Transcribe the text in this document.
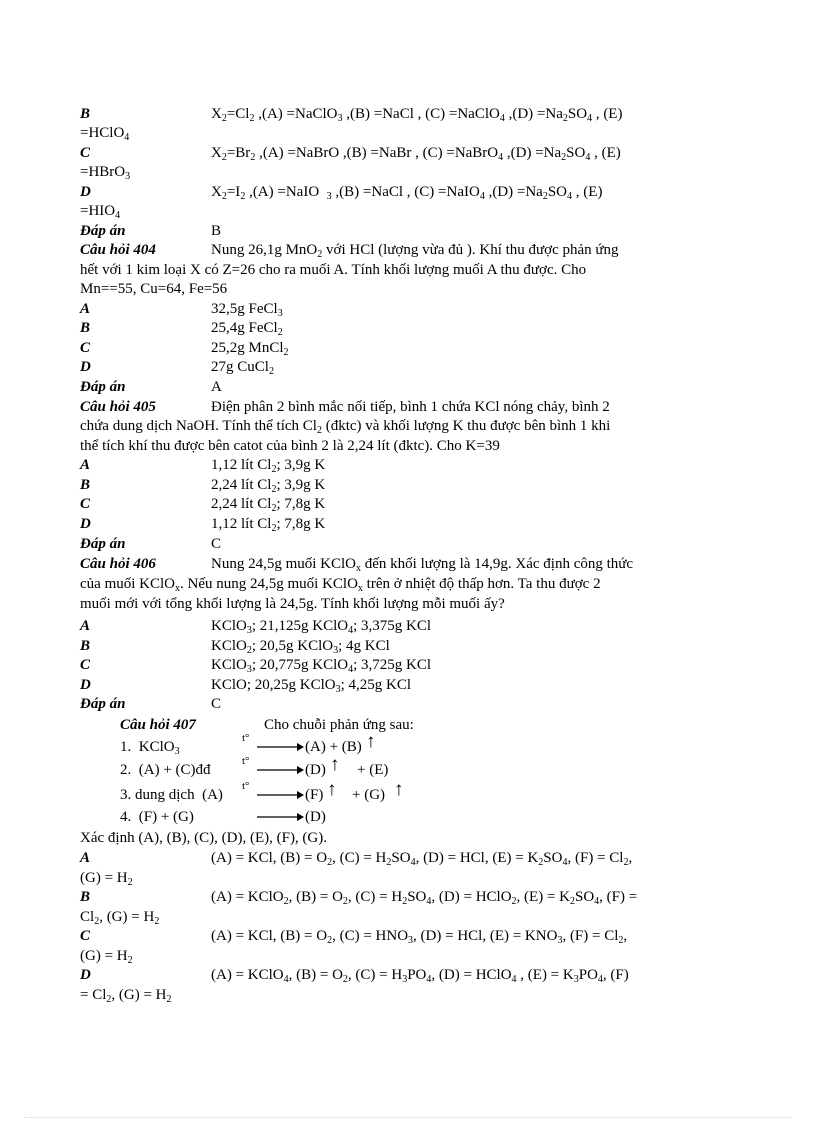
B	$X_2=Cl_2$ ,(A) =NaClO$_3$ ,(B) =NaCl , (C) =NaClO$_4$ $,(D) =Na_2SO_4$ , (E)
=HClO$_4$
C	$X_2=Br_2$ ,(A) =NaBrO ,(B) =NaBr , (C) =NaBrO$_4$ $,(D) =Na_2SO_4$ , (E)
=HBrO$_3$
D	$X_2=I_2$ ,(A) =NaIO  $_3$ ,(B) =NaCl , (C) =NaIO$_4$ $,(D) =Na_2SO_4$ , (E)
$=HIO_4$
Đáp án	B
Câu hỏi 404	Nung 26,1g MnO$_2$ với HCl (lượng vừa đủ ). Khí thu được phản ứng
hết với 1 kim loại X có Z=26 cho ra muối A. Tính khối lượng muối A thu được. Cho
Mn==55, Cu=64, Fe=56
A	32,5g FeCl$_3$
B	25,4g FeCl$_2$
C	25,2g MnCl$_2$
D	27g CuCl$_2$
Đáp án	A
Câu hỏi 405	Điện phân 2 bình mắc nối tiếp, bình 1 chứa KCl nóng chảy, bình 2
chứa dung dịch NaOH. Tính thể tích $Cl_2$ (đktc) và khối lượng K thu được bên bình 1 khi
thể tích khí thu được bên catot của bình 2 là 2,24 lít (đktc). Cho K=39
A	1,12 lít $Cl_2$; 3,9g K
B	2,24 lít $Cl_2$; 3,9g K
C	2,24 lít $Cl_2$; 7,8g K
D	1,12 lít $Cl_2$; 7,8g K
Đáp án	C
Câu hỏi 406	Nung 24,5g muối KClO$_x$ đến khối lượng là 14,9g. Xác định công thức
của muối KClO$_x$. Nếu nung 24,5g muối KClO$_x$ trên ở nhiệt độ thấp hơn. Ta thu được 2
muối mới với tổng khối lượng là 24,5g. Tính khối lượng mỗi muối ấy?
A	KClO$_3$; 21,125g KClO$_4$; 3,375g KCl
B	KClO$_2$; 20,5g KClO$_3$; 4g KCl
C	KClO$_3$; 20,775g KClO$_4$; 3,725g KCl
D	KClO; 20,25g KClO$_3$; 4,25g KCl
Đáp án	C
Câu hỏi 407	Cho chuỗi phản ứng sau:
1.  KClO$_3$
t°
→ (A) + (B) ↑
2.  (A) + (C)đđ
t°
→ (D) ↑ + (E)
3. dung dịch  (A)
t°
→ (F) ↑ + (G) ↑
4.  (F) + (G)	→ (D)
Xác định (A), (B), (C), (D), (E), (F), (G).
A	(A) = KCl, $(B) = O_2$, $(C) = H_2SO_4$, (D) = HCl, $(E) = K_2SO_4$, $(F) = Cl_2$,
$(G) = H_2$
B	(A) = KClO$_2$, $(B) = O_2$, $(C) = H_2SO_4$, (D) = HClO$_2$, $(E) = K_2SO_4$, (F) =
$Cl_2$, $(G) = H_2$
C	(A) = KCl, $(B) = O_2$, $(C) = HNO_3$, (D) = HCl, $(E) = KNO_3$, $(F) = Cl_2$,
$(G) = H_2$
D	(A) = KClO$_4$, $(B) = O_2$, $(C) = H_3PO_4$, (D) = HClO$_4$ , $(E) = K_3PO_4$, (F)
= $Cl_2$, $(G) = H_2$
